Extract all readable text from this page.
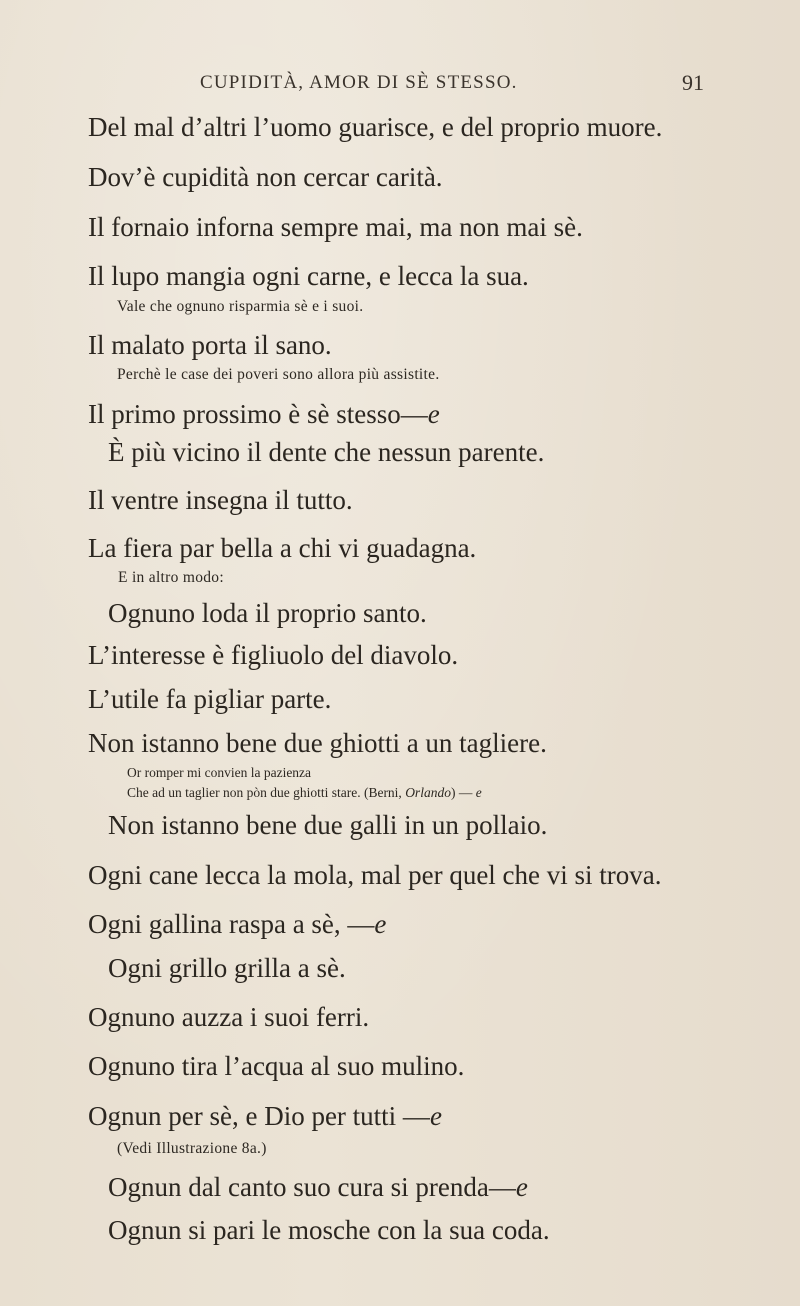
CUPIDITÀ, AMOR DI SÈ STESSO.	91
Del mal d’altri l’uomo guarisce, e del proprio muore.
Dov’è cupidità non cercar carità.
Il fornaio inforna sempre mai, ma non mai sè.
Il lupo mangia ogni carne, e lecca la sua.
Vale che ognuno risparmia sè e i suoi.
Il malato porta il sano.
Perchè le case dei poveri sono allora più assistite.
Il primo prossimo è sè stesso—e
È più vicino il dente che nessun parente.
Il ventre insegna il tutto.
La fiera par bella a chi vi guadagna.
E in altro modo:
Ognuno loda il proprio santo.
L’interesse è figliuolo del diavolo.
L’utile fa pigliar parte.
Non istanno bene due ghiotti a un tagliere.
Or romper mi convien la pazienza
Che ad un taglier non pòn due ghiotti stare. (Berni, Orlando) — e
Non istanno bene due galli in un pollaio.
Ogni cane lecca la mola, mal per quel che vi si trova.
Ogni gallina raspa a sè, —e
Ogni grillo grilla a sè.
Ognuno auzza i suoi ferri.
Ognuno tira l’acqua al suo mulino.
Ognun per sè, e Dio per tutti —e
(Vedi Illustrazione 8a.)
Ognun dal canto suo cura si prenda—e
Ognun si pari le mosche con la sua coda.
